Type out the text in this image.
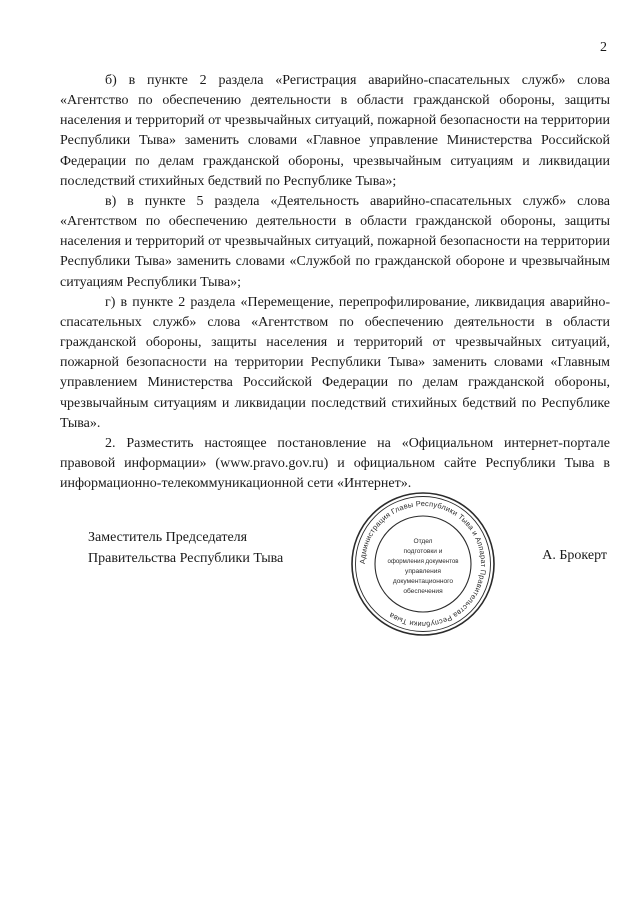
2

б) в пункте 2 раздела «Регистрация аварийно-спасательных служб» слова «Агентство по обеспечению деятельности в области гражданской обороны, защиты населения и территорий от чрезвычайных ситуаций, пожарной безопасности на территории Республики Тыва» заменить словами «Главное управление Министерства Российской Федерации по делам гражданской обороны, чрезвычайным ситуациям и ликвидации последствий стихийных бедствий по Республике Тыва»;

в) в пункте 5 раздела «Деятельность аварийно-спасательных служб» слова «Агентством по обеспечению деятельности в области гражданской обороны, защиты населения и территорий от чрезвычайных ситуаций, пожарной безопасности на территории Республики Тыва» заменить словами «Службой по гражданской обороне и чрезвычайным ситуациям Республики Тыва»;

г) в пункте 2 раздела «Перемещение, перепрофилирование, ликвидация аварийно-спасательных служб» слова «Агентством по обеспечению деятельности в области гражданской обороны, защиты населения и территорий от чрезвычайных ситуаций, пожарной безопасности на территории Республики Тыва» заменить словами «Главным управлением Министерства Российской Федерации по делам гражданской обороны, чрезвычайным ситуациям и ликвидации последствий стихийных бедствий по Республике Тыва».

2. Разместить настоящее постановление на «Официальном интернет-портале правовой информации» (www.pravo.gov.ru) и официальном сайте Республики Тыва в информационно-телекоммуникационной сети «Интернет».

Заместитель Председателя
Правительства Республики Тыва	А. Брокерт
Администрация Главы Республики Тыва и Аппарат Правительства Республики Тыва
Отдел
подготовки и
оформления документов
управления
документационного
обеспечения
